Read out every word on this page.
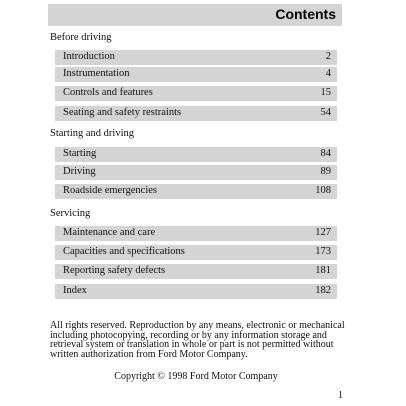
Contents
Before driving
Introduction	2
Instrumentation	4
Controls and features	15
Seating and safety restraints	54
Starting and driving
Starting	84
Driving	89
Roadside emergencies	108
Servicing
Maintenance and care	127
Capacities and specifications	173
Reporting safety defects	181
Index	182
All rights reserved. Reproduction by any means, electronic or mechanical including photocopying, recording or by any information storage and retrieval system or translation in whole or part is not permitted without written authorization from Ford Motor Company.
Copyright © 1998 Ford Motor Company
1
